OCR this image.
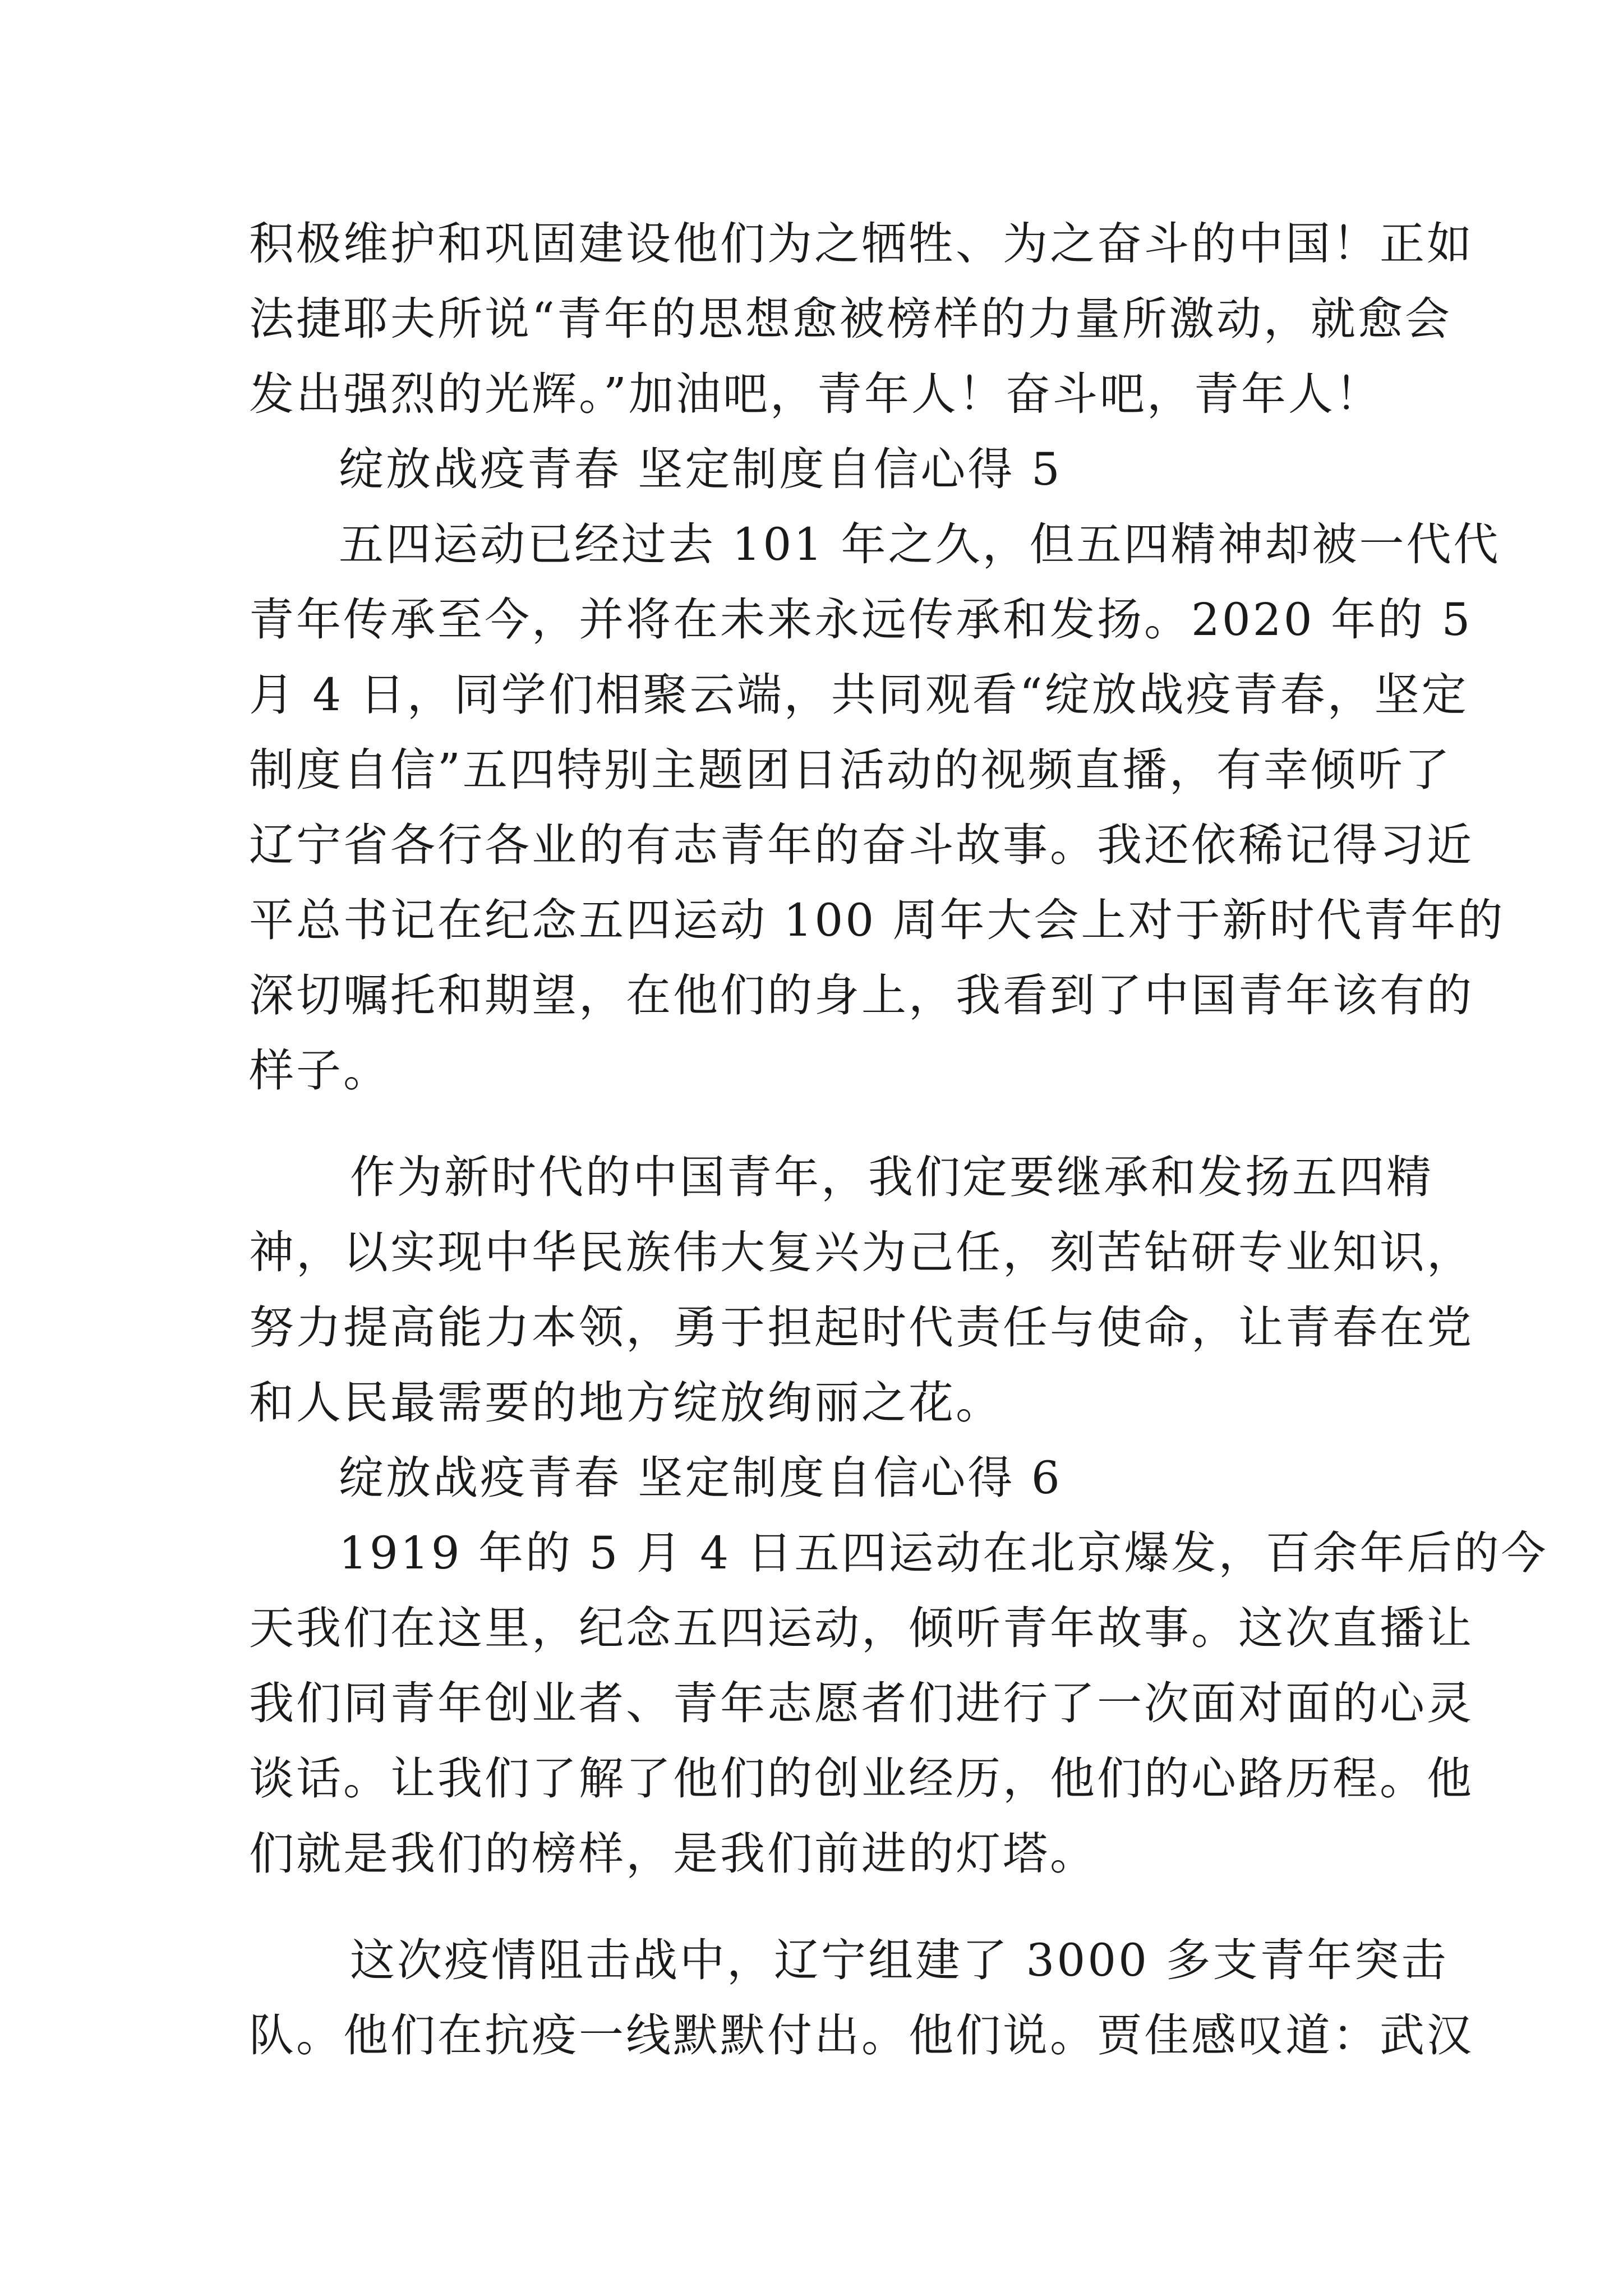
积极维护和巩固建设他们为之牺牲、为之奋斗的中国！正如
法捷耶夫所说“青年的思想愈被榜样的力量所激动，就愈会
发出强烈的光辉。”加油吧，青年人！奋斗吧，青年人！
绽放战疫青春 坚定制度自信心得 5
五四运动已经过去 101 年之久，但五四精神却被一代代
青年传承至今，并将在未来永远传承和发扬。2020 年的 5
月 4 日，同学们相聚云端，共同观看“绽放战疫青春，坚定
制度自信”五四特别主题团日活动的视频直播，有幸倾听了
辽宁省各行各业的有志青年的奋斗故事。我还依稀记得习近
平总书记在纪念五四运动 100 周年大会上对于新时代青年的
深切嘱托和期望，在他们的身上，我看到了中国青年该有的
样子。
作为新时代的中国青年，我们定要继承和发扬五四精
神，以实现中华民族伟大复兴为己任，刻苦钻研专业知识，
努力提高能力本领，勇于担起时代责任与使命，让青春在党
和人民最需要的地方绽放绚丽之花。
绽放战疫青春 坚定制度自信心得 6
1919 年的 5 月 4 日五四运动在北京爆发，百余年后的今
天我们在这里，纪念五四运动，倾听青年故事。这次直播让
我们同青年创业者、青年志愿者们进行了一次面对面的心灵
谈话。让我们了解了他们的创业经历，他们的心路历程。他
们就是我们的榜样，是我们前进的灯塔。
这次疫情阻击战中，辽宁组建了 3000 多支青年突击
队。他们在抗疫一线默默付出。他们说。贾佳感叹道：武汉
